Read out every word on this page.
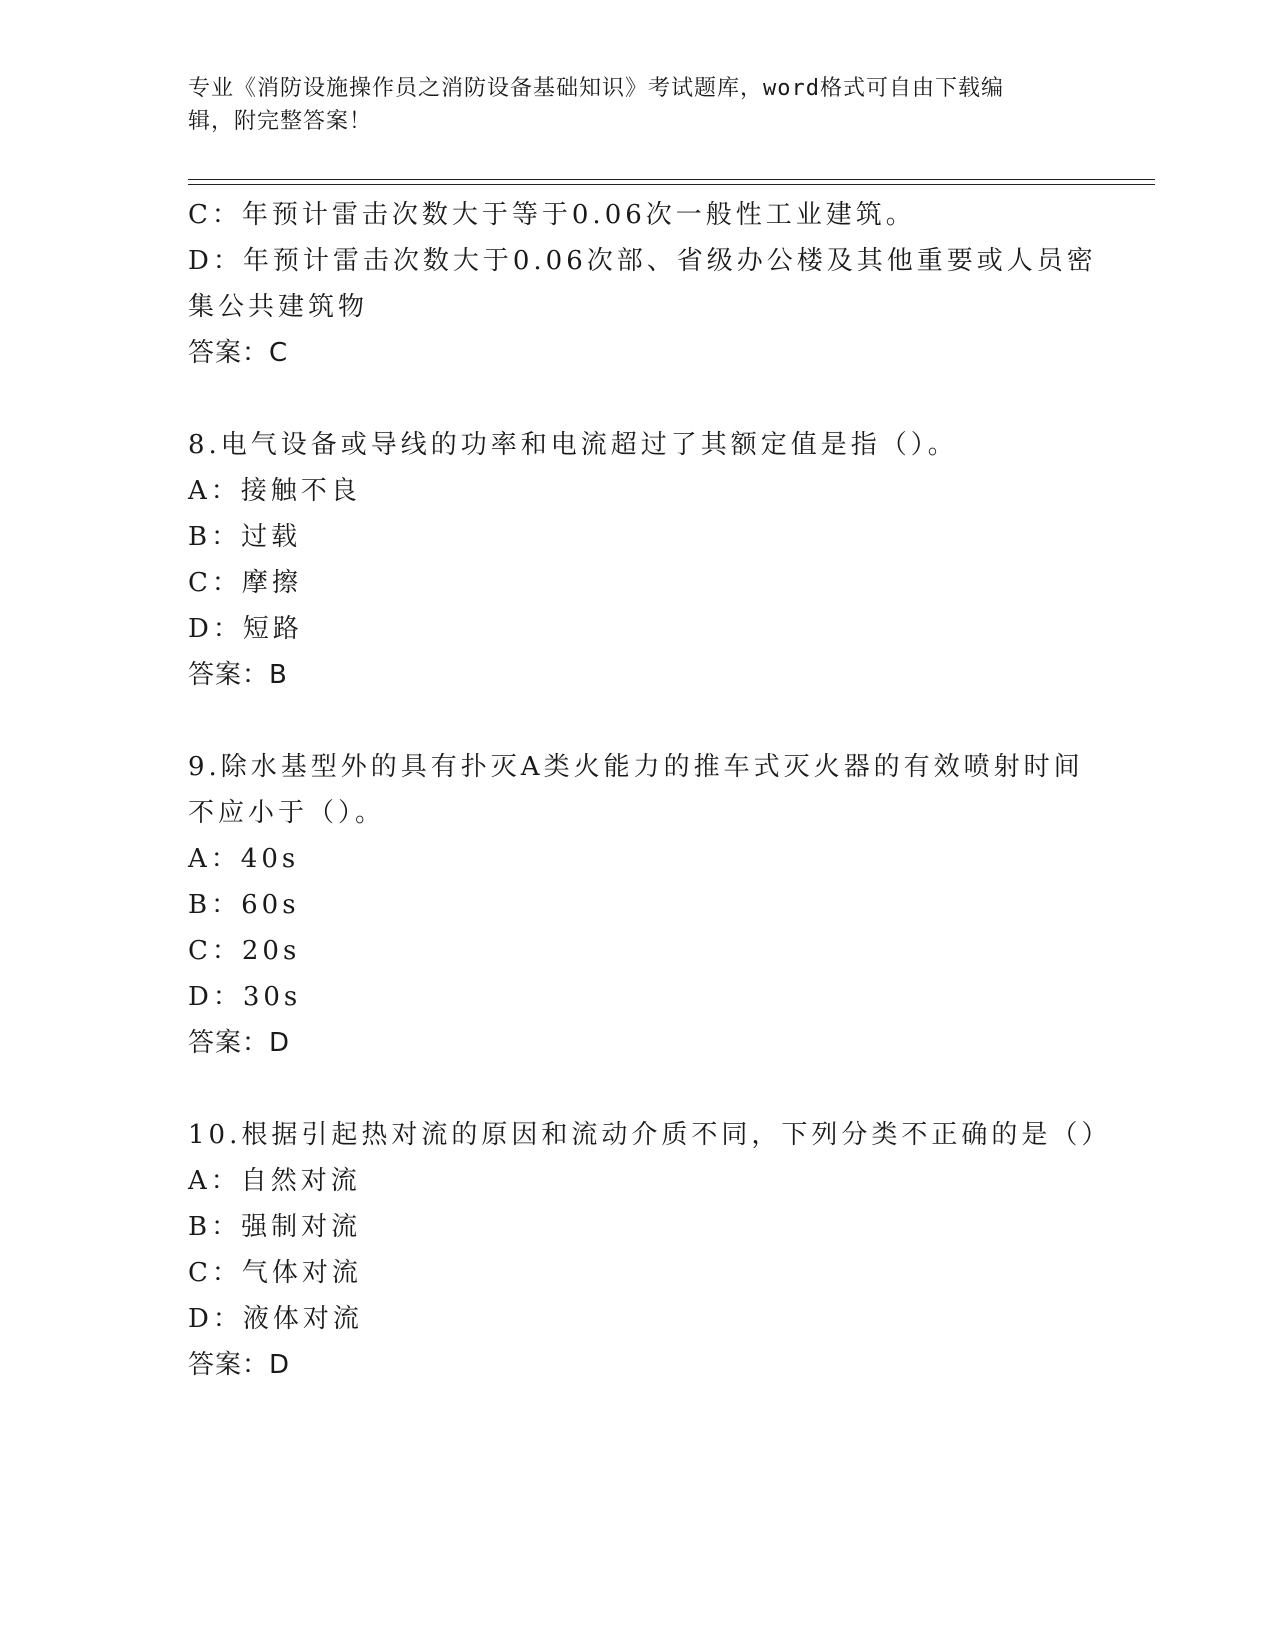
专业《消防设施操作员之消防设备基础知识》考试题库，word格式可自由下载编
辑，附完整答案！
C：年预计雷击次数大于等于0.06次一般性工业建筑。
D：年预计雷击次数大于0.06次部、省级办公楼及其他重要或人员密
集公共建筑物
答案：C
8.电气设备或导线的功率和电流超过了其额定值是指（）。
A：接触不良
B：过载
C：摩擦
D：短路
答案：B
9.除水基型外的具有扑灭A类火能力的推车式灭火器的有效喷射时间
不应小于（）。
A：40s
B：60s
C：20s
D：30s
答案：D
10.根据引起热对流的原因和流动介质不同，下列分类不正确的是（）
A：自然对流
B：强制对流
C：气体对流
D：液体对流
答案：D
